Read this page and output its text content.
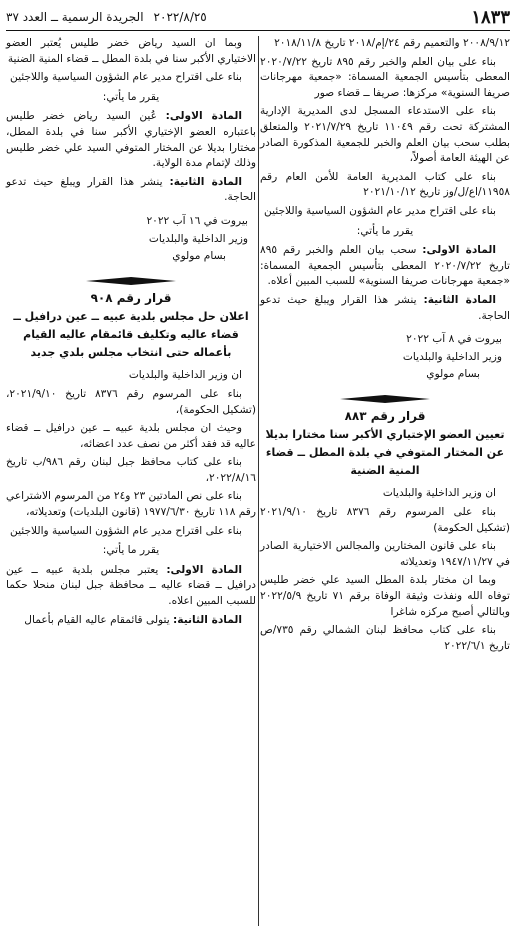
١٨٣٣
٢٠٢٢/٨/٢٥
الجريدة الرسمية ــ العدد ٣٧

٢٠٠٨/٩/١٢ والتعميم رقم ٢٤/إم/٢٠١٨ تاريخ ٢٠١٨/١١/٨

بناء على بيان العلم والخبر رقم ٨٩٥ تاريخ ٢٠٢٠/٧/٢٢ المعطى بتأسيس الجمعية المسماة: «جمعية مهرجانات صريفا السنوية» مركزها: صريفا ــ قضاء صور

بناء على الاستدعاء المسجل لدى المديرية الإدارية المشتركة تحت رقم ١١٠٤٩ تاريخ ٢٠٢١/٧/٢٩ والمتعلق بطلب سحب بيان العلم والخبر للجمعية المذكورة الصادر عن الهيئة العامة أصولاً،

بناء على كتاب المديرية العامة للأمن العام رقم ١١٩٥٨/اع/ل/وز تاريخ ٢٠٢١/١٠/١٢

بناء على اقتراح مدير عام الشؤون السياسية واللاجئين

يقرر ما يأتي:

المادة الاولى: سحب بيان العلم والخبر رقم ٨٩٥ تاريخ ٢٠٢٠/٧/٢٢ المعطى بتأسيس الجمعية المسماة: «جمعية مهرجانات صريفا السنوية» للسبب المبين أعلاه.

المادة الثانية: ينشر هذا القرار ويبلغ حيث تدعو الحاجة.

بيروت في ٨ آب ٢٠٢٢

وزير الداخلية والبلديات

بسام مولوي

قرار رقم ٨٨٣

تعيين العضو الإختياري الأكبر سنا مختارا بديلا عن المختار المتوفي في بلدة المطل ــ قضاء المنية الضنية

ان وزير الداخلية والبلديات

بناء على المرسوم رقم ٨٣٧٦ تاريخ ٢٠٢١/٩/١٠ (تشكيل الحكومة)

بناء على قانون المختارين والمجالس الاختيارية الصادر في ١٩٤٧/١١/٢٧ وتعديلاته

وبما ان مختار بلدة المطل السيد علي خضر طليس توفاه الله ونفذت وثيقة الوفاة برقم ٧١ تاريخ ٢٠٢٢/٥/٩ وبالتالي أصبح مركزه شاغرا

بناء على كتاب محافظ لبنان الشمالي رقم ٧٣٥/ص تاريخ ٢٠٢٢/٦/١

وبما ان السيد رياض خضر طليس يُعتبر العضو الاختياري الأكبر سنا في بلدة المطل ــ قضاء المنية الضنية

بناء على اقتراح مدير عام الشؤون السياسية واللاجئين

يقرر ما يأتي:

المادة الاولى: عُين السيد رياض خضر طليس باعتباره العضو الإختياري الأكبر سنا في بلدة المطل، مختارا بديلا عن المختار المتوفي السيد علي خضر طليس وذلك لإتمام مدة الولاية.

المادة الثانية: ينشر هذا القرار ويبلغ حيث تدعو الحاجة.

بيروت في ١٦ آب ٢٠٢٢

وزير الداخلية والبلديات

بسام مولوي

قرار رقم ٩٠٨

اعلان حل مجلس بلدية عبيه ــ عين درافيل ــ قضاء عاليه وتكليف قائمقام عاليه القيام بأعماله حتى انتخاب مجلس بلدي جديد

ان وزير الداخلية والبلديات

بناء على المرسوم رقم ٨٣٧٦ تاريخ ٢٠٢١/٩/١٠، (تشكيل الحكومة)،

وحيث ان مجلس بلدية عبيه ــ عين درافيل ــ قضاء عاليه قد فقد أكثر من نصف عدد اعضائه،

بناء على كتاب محافظ جبل لبنان رقم ٩٨٦/ب تاريخ ٢٠٢٢/٨/١٦،

بناء على نص المادتين ٢٣ و٢٤ من المرسوم الاشتراعي رقم ١١٨ تاريخ ١٩٧٧/٦/٣٠ (قانون البلديات) وتعديلاته،

بناء على اقتراح مدير عام الشؤون السياسية واللاجئين

يقرر ما يأتي:

المادة الاولى: يعتبر مجلس بلدية عبيه ــ عين درافيل ــ قضاء عاليه ــ محافظة جبل لبنان منحلا حكما للسبب المبين اعلاه.

المادة الثانية: يتولى قائمقام عاليه القيام بأعمال
